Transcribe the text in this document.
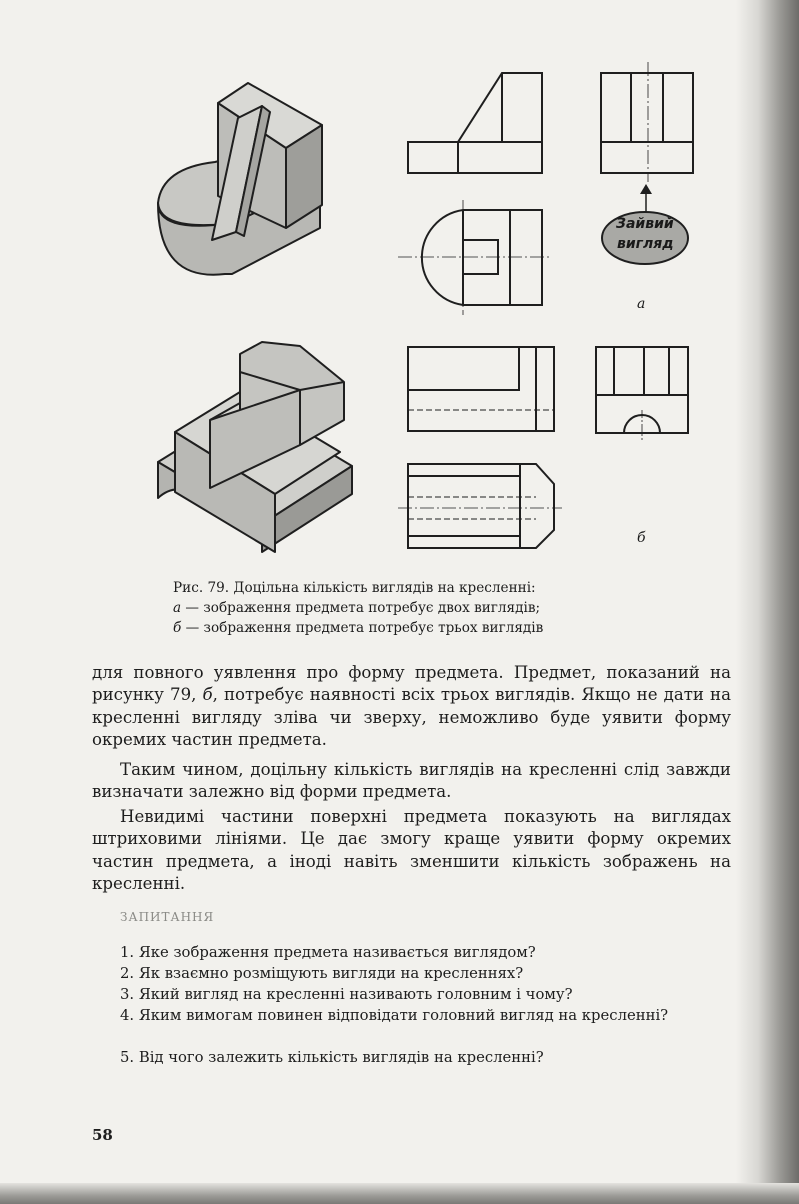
Зайвий
вигляд
а
б
Рис. 79. Доцільна кількість виглядів на кресленні:
а — зображення предмета потребує двох виглядів;
б — зображення предмета потребує трьох виглядів
для повного уявлення про форму предмета. Предмет, показаний на рисунку 79, б, потребує наявності всіх трьох виглядів. Якщо не дати на кресленні вигляду зліва чи зверху, неможливо буде уявити форму окремих частин предмета.
Таким чином, доцільну кількість виглядів на кресленні слід завжди визначати залежно від форми предмета.
Невидимі частини поверхні предмета показують на виглядах штриховими лініями. Це дає змогу краще уявити форму окремих частин предмета, а іноді навіть зменшити кількість зображень на кресленні.
ЗАПИТАННЯ
1. Яке зображення предмета називається виглядом?
2. Як взаємно розміщують вигляди на кресленнях?
3. Який вигляд на кресленні називають головним і чому?
4. Яким вимогам повинен відповідати головний вигляд на кресленні?
5. Від чого залежить кількість виглядів на кресленні?
58
